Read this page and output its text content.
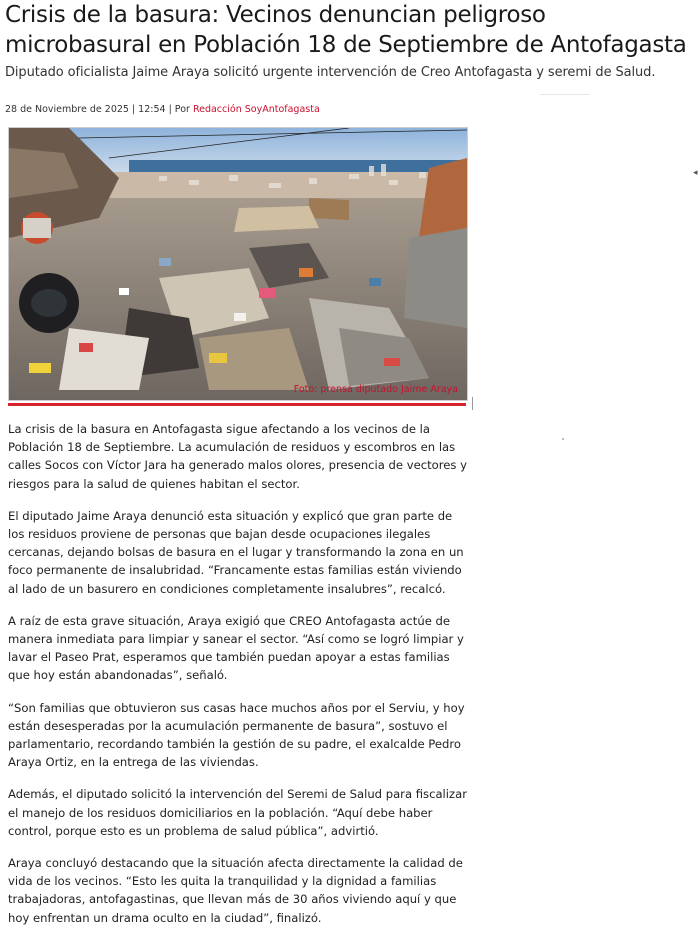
Crisis de la basura: Vecinos denuncian peligroso microbasural en Población 18 de Septiembre de Antofagasta

Diputado oficialista Jaime Araya solicitó urgente intervención de Creo Antofagasta y seremi de Salud.

28 de Noviembre de 2025 | 12:54 | Por Redacción SoyAntofagasta
Foto: prensa diputado Jaime Araya
◂

La crisis de la basura en Antofagasta sigue afectando a los vecinos de la Población 18 de Septiembre. La acumulación de residuos y escombros en las calles Socos con Víctor Jara ha generado malos olores, presencia de vectores y riesgos para la salud de quienes habitan el sector.

El diputado Jaime Araya denunció esta situación y explicó que gran parte de los residuos proviene de personas que bajan desde ocupaciones ilegales cercanas, dejando bolsas de basura en el lugar y transformando la zona en un foco permanente de insalubridad. “Francamente estas familias están viviendo al lado de un basurero en condiciones completamente insalubres”, recalcó.

A raíz de esta grave situación, Araya exigió que CREO Antofagasta actúe de manera inmediata para limpiar y sanear el sector. “Así como se logró limpiar y lavar el Paseo Prat, esperamos que también puedan apoyar a estas familias que hoy están abandonadas”, señaló.

“Son familias que obtuvieron sus casas hace muchos años por el Serviu, y hoy están desesperadas por la acumulación permanente de basura”, sostuvo el parlamentario, recordando también la gestión de su padre, el exalcalde Pedro Araya Ortiz, en la entrega de las viviendas.

Además, el diputado solicitó la intervención del Seremi de Salud para fiscalizar el manejo de los residuos domiciliarios en la población. “Aquí debe haber control, porque esto es un problema de salud pública”, advirtió.

Araya concluyó destacando que la situación afecta directamente la calidad de vida de los vecinos. “Esto les quita la tranquilidad y la dignidad a familias trabajadoras, antofagastinas, que llevan más de 30 años viviendo aquí y que hoy enfrentan un drama oculto en la ciudad”, finalizó.
